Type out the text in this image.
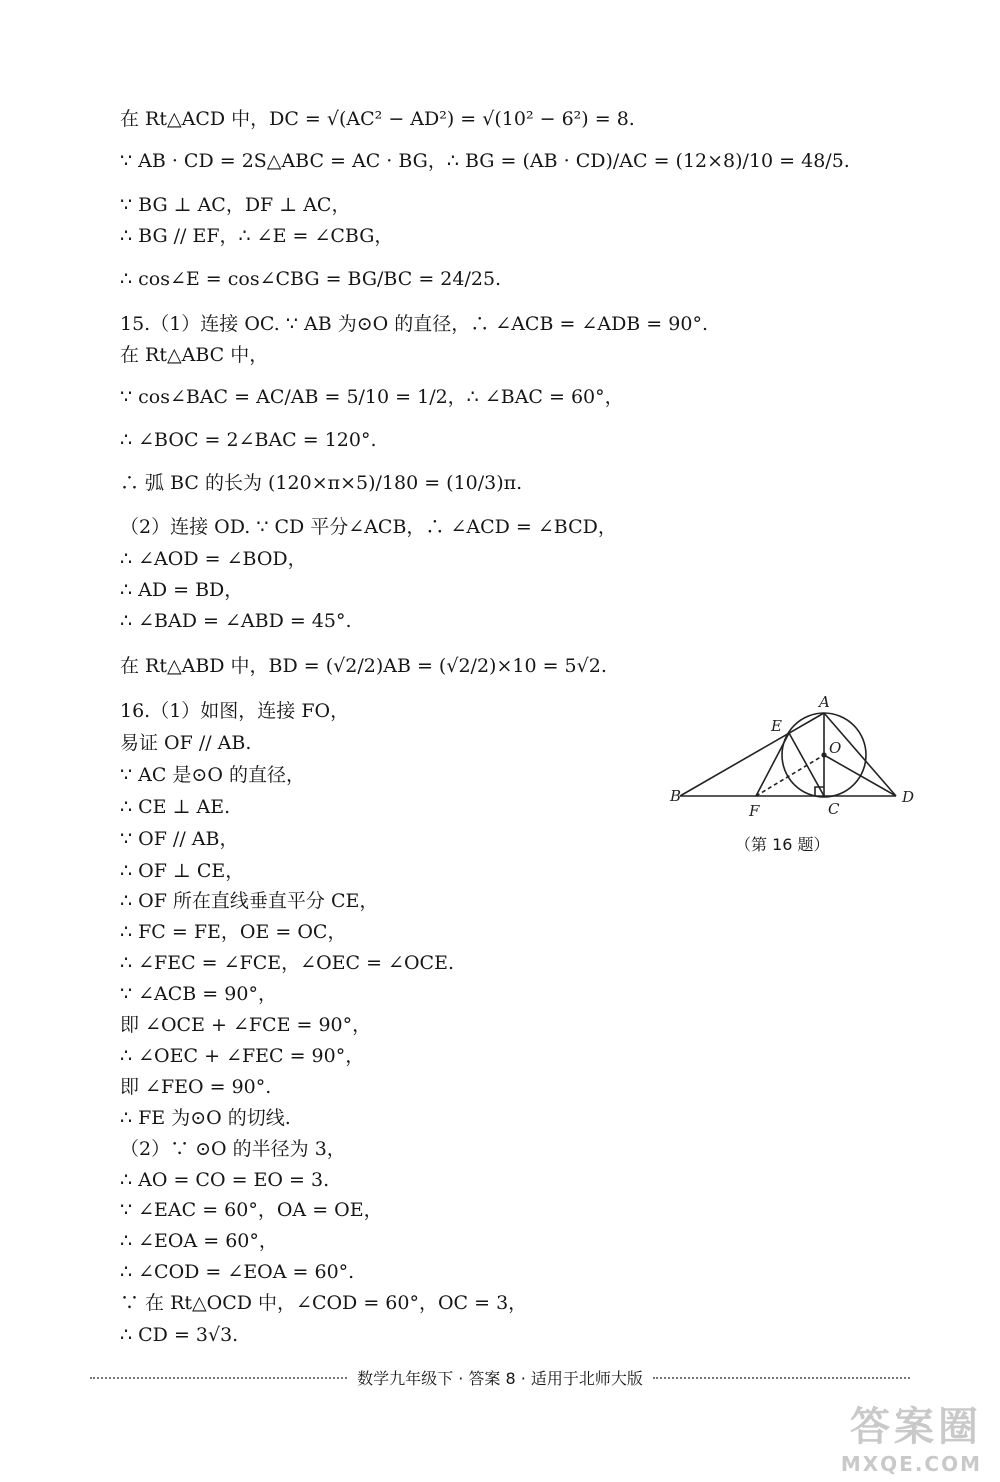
在 Rt△ACD 中，DC = √(AC² − AD²) = √(10² − 6²) = 8.
∵ AB · CD = 2S△ABC = AC · BG，∴ BG = (AB · CD)/AC = (12×8)/10 = 48/5.
∵ BG ⊥ AC，DF ⊥ AC，
∴ BG // EF，∴ ∠E = ∠CBG，
∴ cos∠E = cos∠CBG = BG/BC = 24/25.
15.（1）连接 OC. ∵ AB 为⊙O 的直径，∴ ∠ACB = ∠ADB = 90°.
在 Rt△ABC 中，
∵ cos∠BAC = AC/AB = 5/10 = 1/2，∴ ∠BAC = 60°，
∴ ∠BOC = 2∠BAC = 120°.
∴ 弧 BC 的长为 (120×π×5)/180 = (10/3)π.
（2）连接 OD. ∵ CD 平分∠ACB，∴ ∠ACD = ∠BCD，
∴ ∠AOD = ∠BOD，
∴ AD = BD，
∴ ∠BAD = ∠ABD = 45°.
在 Rt△ABD 中，BD = (√2/2)AB = (√2/2)×10 = 5√2.
16.（1）如图，连接 FO，
易证 OF // AB.
∵ AC 是⊙O 的直径，
∴ CE ⊥ AE.
∵ OF // AB，
∴ OF ⊥ CE，
∴ OF 所在直线垂直平分 CE，
∴ FC = FE，OE = OC，
∴ ∠FEC = ∠FCE，∠OEC = ∠OCE.
∵ ∠ACB = 90°，
即 ∠OCE + ∠FCE = 90°，
∴ ∠OEC + ∠FEC = 90°，
即 ∠FEO = 90°.
∴ FE 为⊙O 的切线.
（2）∵ ⊙O 的半径为 3，
∴ AO = CO = EO = 3.
∵ ∠EAC = 60°，OA = OE，
∴ ∠EOA = 60°，
∴ ∠COD = ∠EOA = 60°.
∵ 在 Rt△OCD 中，∠COD = 60°，OC = 3，
∴ CD = 3√3.
A
B
C
D
E
F
O
（第 16 题）
数学九年级下 · 答案 8 · 适用于北师大版
答案圈
MXQE.COM
